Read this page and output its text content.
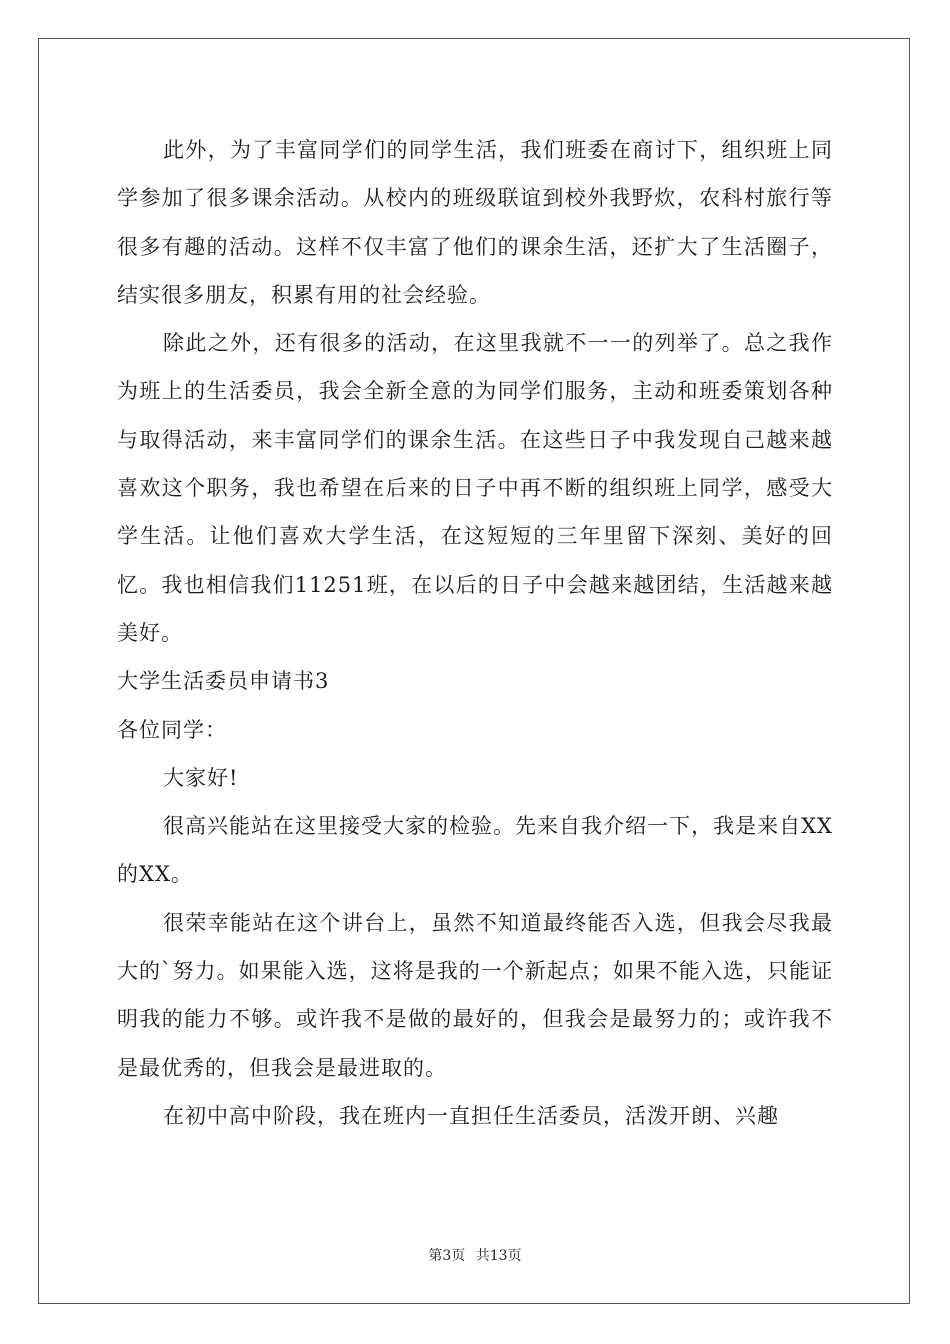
此外，为了丰富同学们的同学生活，我们班委在商讨下，组织班上同学参加了很多课余活动。从校内的班级联谊到校外我野炊，农科村旅行等很多有趣的活动。这样不仅丰富了他们的课余生活，还扩大了生活圈子，结实很多朋友，积累有用的社会经验。

除此之外，还有很多的活动，在这里我就不一一的列举了。总之我作为班上的生活委员，我会全新全意的为同学们服务，主动和班委策划各种与取得活动，来丰富同学们的课余生活。在这些日子中我发现自己越来越喜欢这个职务，我也希望在后来的日子中再不断的组织班上同学，感受大学生活。让他们喜欢大学生活，在这短短的三年里留下深刻、美好的回忆。我也相信我们11251班，在以后的日子中会越来越团结，生活越来越美好。

大学生活委员申请书3

各位同学：

大家好!

很高兴能站在这里接受大家的检验。先来自我介绍一下，我是来自XX的XX。

很荣幸能站在这个讲台上，虽然不知道最终能否入选，但我会尽我最大的`努力。如果能入选，这将是我的一个新起点；如果不能入选，只能证明我的能力不够。或许我不是做的最好的，但我会是最努力的；或许我不是最优秀的，但我会是最进取的。

在初中高中阶段，我在班内一直担任生活委员，活泼开朗、兴趣

第3页 共13页
